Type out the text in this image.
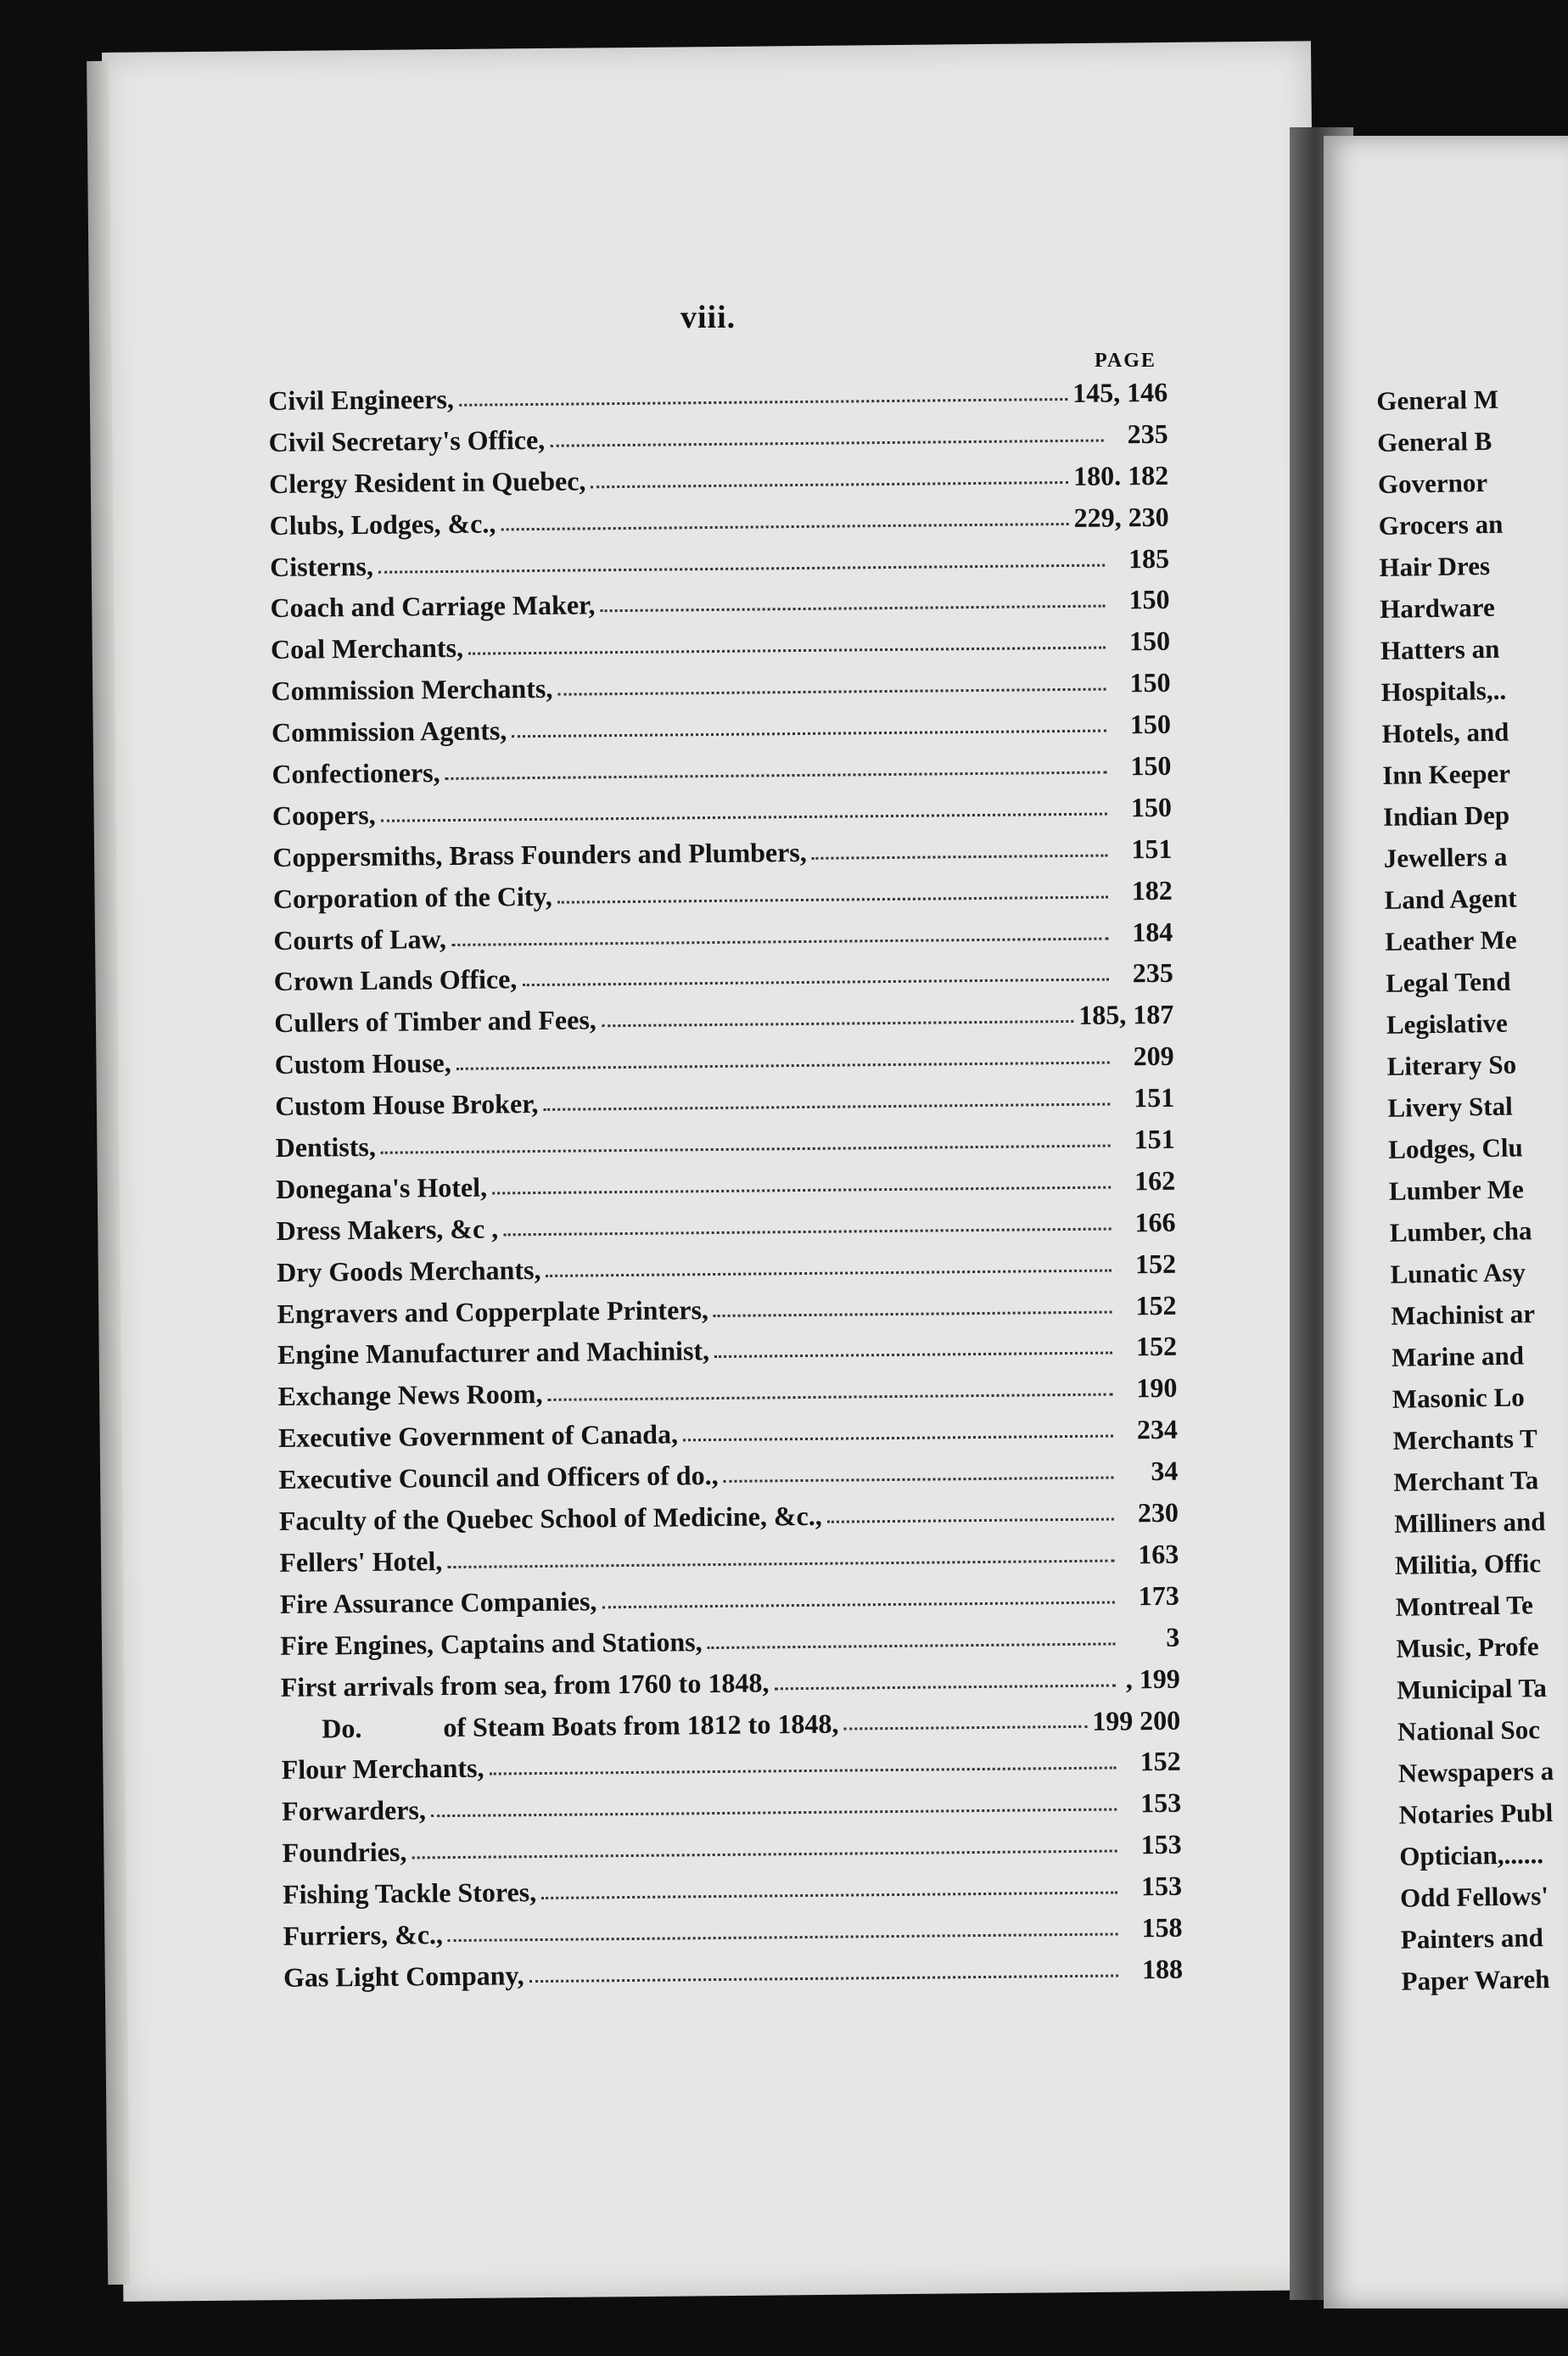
viii.
PAGE
Civil Engineers,	145, 146
Civil Secretary's Office,	235
Clergy Resident in Quebec,	180. 182
Clubs, Lodges, &c.,	229, 230
Cisterns,	185
Coach and Carriage Maker,	150
Coal Merchants,	150
Commission Merchants,	150
Commission Agents,	150
Confectioners,	150
Coopers,	150
Coppersmiths, Brass Founders and Plumbers,	151
Corporation of the City,	182
Courts of Law,	184
Crown Lands Office,	235
Cullers of Timber and Fees,	185, 187
Custom House,	209
Custom House Broker,	151
Dentists,	151
Donegana's Hotel,	162
Dress Makers, &c ,	166
Dry Goods Merchants,	152
Engravers and Copperplate Printers,	152
Engine Manufacturer and Machinist,	152
Exchange News Room,	190
Executive Government of Canada,	234
Executive Council and Officers of do.,	34
Faculty of the Quebec School of Medicine, &c.,	230
Fellers' Hotel,	163
Fire Assurance Companies,	173
Fire Engines, Captains and Stations,	3
First arrivals from sea, from 1760 to 1848,	, 199
Do.	of Steam Boats from 1812 to 1848,	199 200
Flour Merchants,	152
Forwarders,	153
Foundries,	153
Fishing Tackle Stores,	153
Furriers, &c.,	158
Gas Light Company,	188
General M
General B
Governor
Grocers an
Hair Dres
Hardware
Hatters an
Hospitals,..
Hotels, and
Inn Keeper
Indian Dep
Jewellers a
Land Agent
Leather Me
Legal Tend
Legislative
Literary So
Livery Stal
Lodges, Clu
Lumber Me
Lumber, cha
Lunatic Asy
Machinist ar
Marine and
Masonic Lo
Merchants T
Merchant Ta
Milliners and
Militia, Offic
Montreal Te
Music, Profe
Municipal Ta
National Soc
Newspapers a
Notaries Publ
Optician,......
Odd Fellows'
Painters and
Paper Wareh
